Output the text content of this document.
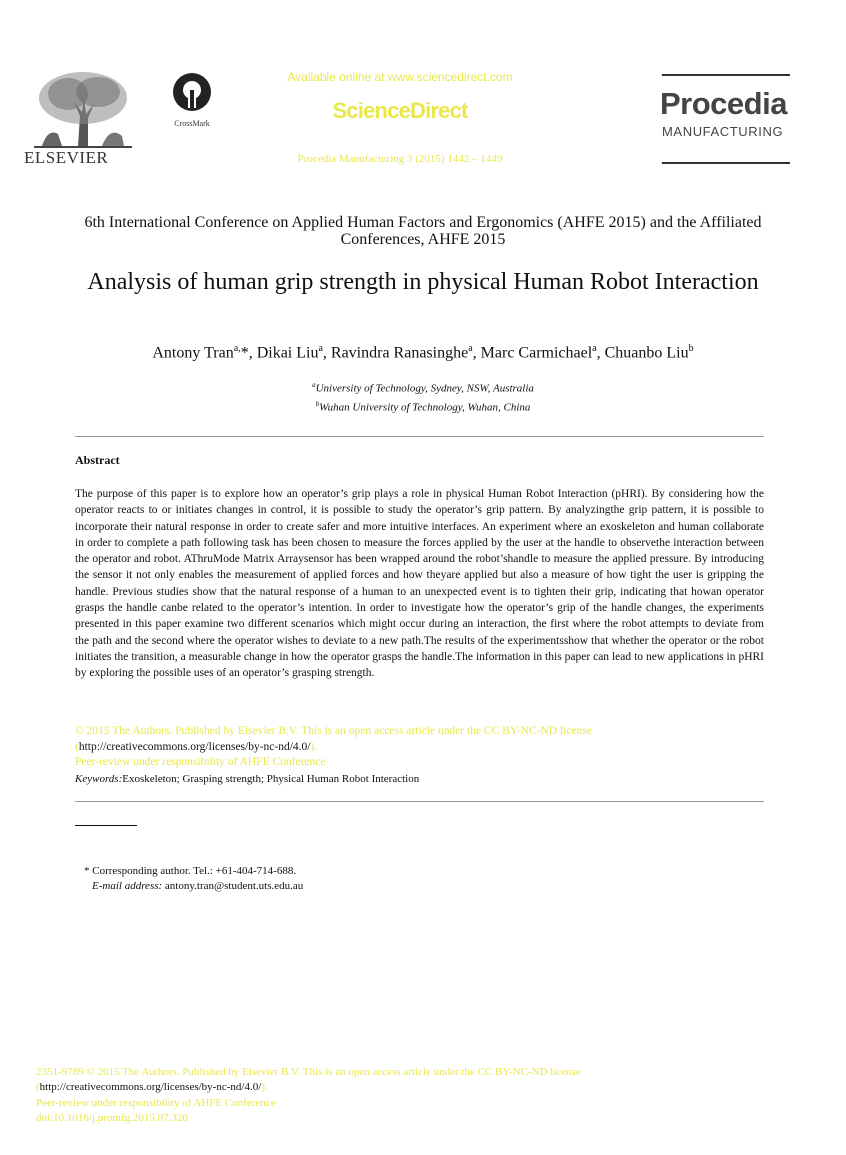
ELSEVIER
CrossMark
Available online at www.sciencedirect.com
ScienceDirect
Procedia Manufacturing 3 (2015) 1442 – 1449
Procedia
MANUFACTURING
6th International Conference on Applied Human Factors and Ergonomics (AHFE 2015) and the Affiliated Conferences, AHFE 2015
Analysis of human grip strength in physical Human Robot Interaction
Antony Tran$^{a,}$*, Dikai Liu$^a$, Ravindra Ranasinghe$^a$, Marc Carmichael$^a$, Chuanbo Liu$^b$
$^a$University of Technology, Sydney, NSW, Australia
$^b$Wuhan University of Technology, Wuhan, China
Abstract
The purpose of this paper is to explore how an operator’s grip plays a role in physical Human Robot Interaction (pHRI). By considering how the operator reacts to or initiates changes in control, it is possible to study the operator’s grip pattern. By analyzingthe grip pattern, it is possible to incorporate their natural response in order to create safer and more intuitive interfaces. An experiment where an exoskeleton and human collaborate in order to complete a path following task has been chosen to measure the forces applied by the user at the handle to observethe interaction between the operator and robot. AThruMode Matrix Arraysensor has been wrapped around the robot’shandle to measure the applied pressure. By introducing the sensor it not only enables the measurement of applied forces and how theyare applied but also a measure of how tight the user is gripping the handle. Previous studies show that the natural response of a human to an unexpected event is to tighten their grip, indicating that howan operator grasps the handle canbe related to the operator’s intention. In order to investigate how the operator’s grip of the handle changes, the experiments presented in this paper examine two different scenarios which might occur during an interaction, the first where the robot attempts to deviate from the path and the second where the operator wishes to deviate to a new path.The results of the experimentsshow that whether the operator or the robot initiates the transition, a measurable change in how the operator grasps the handle.The information in this paper can lead to new applications in pHRI by exploring the possible uses of an operator’s grasping strength.
© 2015 The Authors. Published by Elsevier B.V. This is an open access article under the CC BY-NC-ND license
(http://creativecommons.org/licenses/by-nc-nd/4.0/).
Peer-review under responsibility of AHFE Conference
Keywords:Exoskeleton; Grasping strength; Physical Human Robot Interaction
* Corresponding author. Tel.: +61-404-714-688.
E-mail address: antony.tran@student.uts.edu.au
2351-9789 © 2015 The Authors. Published by Elsevier B.V. This is an open access article under the CC BY-NC-ND license
(http://creativecommons.org/licenses/by-nc-nd/4.0/).
Peer-review under responsibility of AHFE Conference
doi:10.1016/j.promfg.2015.07.320
